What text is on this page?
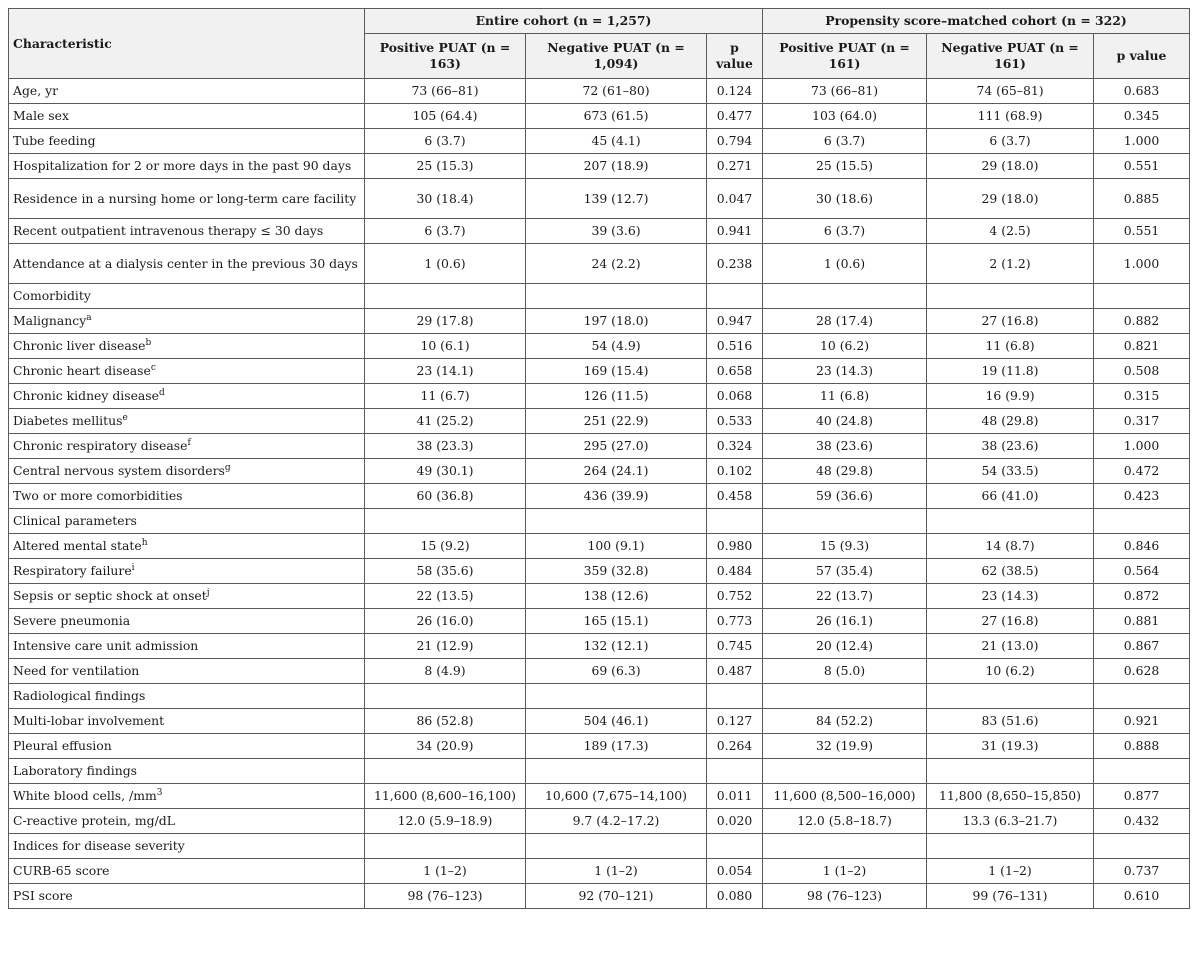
Characteristic	Entire cohort (n = 1,257)			Propensity score–matched cohort (n = 322)		
	Positive PUAT (n = 163)	Negative PUAT (n = 1,094)	p value	Positive PUAT (n = 161)	Negative PUAT (n = 161)	p value
Age, yr	73 (66–81)	72 (61–80)	0.124	73 (66–81)	74 (65–81)	0.683
Male sex	105 (64.4)	673 (61.5)	0.477	103 (64.0)	111 (68.9)	0.345
Tube feeding	6 (3.7)	45 (4.1)	0.794	6 (3.7)	6 (3.7)	1.000
Hospitalization for 2 or more days in the past 90 days	25 (15.3)	207 (18.9)	0.271	25 (15.5)	29 (18.0)	0.551
Residence in a nursing home or long-term care facility	30 (18.4)	139 (12.7)	0.047	30 (18.6)	29 (18.0)	0.885
Recent outpatient intravenous therapy ≤ 30 days	6 (3.7)	39 (3.6)	0.941	6 (3.7)	4 (2.5)	0.551
Attendance at a dialysis center in the previous 30 days	1 (0.6)	24 (2.2)	0.238	1 (0.6)	2 (1.2)	1.000
Comorbidity						
Malignancy$^a$	29 (17.8)	197 (18.0)	0.947	28 (17.4)	27 (16.8)	0.882
Chronic liver disease$^b$	10 (6.1)	54 (4.9)	0.516	10 (6.2)	11 (6.8)	0.821
Chronic heart disease$^c$	23 (14.1)	169 (15.4)	0.658	23 (14.3)	19 (11.8)	0.508
Chronic kidney disease$^d$	11 (6.7)	126 (11.5)	0.068	11 (6.8)	16 (9.9)	0.315
Diabetes mellitus$^e$	41 (25.2)	251 (22.9)	0.533	40 (24.8)	48 (29.8)	0.317
Chronic respiratory disease$^f$	38 (23.3)	295 (27.0)	0.324	38 (23.6)	38 (23.6)	1.000
Central nervous system disorders$^g$	49 (30.1)	264 (24.1)	0.102	48 (29.8)	54 (33.5)	0.472
Two or more comorbidities	60 (36.8)	436 (39.9)	0.458	59 (36.6)	66 (41.0)	0.423
Clinical parameters						
Altered mental state$^h$	15 (9.2)	100 (9.1)	0.980	15 (9.3)	14 (8.7)	0.846
Respiratory failure$^i$	58 (35.6)	359 (32.8)	0.484	57 (35.4)	62 (38.5)	0.564
Sepsis or septic shock at onset$^j$	22 (13.5)	138 (12.6)	0.752	22 (13.7)	23 (14.3)	0.872
Severe pneumonia	26 (16.0)	165 (15.1)	0.773	26 (16.1)	27 (16.8)	0.881
Intensive care unit admission	21 (12.9)	132 (12.1)	0.745	20 (12.4)	21 (13.0)	0.867
Need for ventilation	8 (4.9)	69 (6.3)	0.487	8 (5.0)	10 (6.2)	0.628
Radiological findings						
Multi-lobar involvement	86 (52.8)	504 (46.1)	0.127	84 (52.2)	83 (51.6)	0.921
Pleural effusion	34 (20.9)	189 (17.3)	0.264	32 (19.9)	31 (19.3)	0.888
Laboratory findings						
White blood cells, $/mm^3$	11,600 (8,600–16,100)	10,600 (7,675–14,100)	0.011	11,600 (8,500–16,000)	11,800 (8,650–15,850)	0.877
C-reactive protein, mg/dL	12.0 (5.9–18.9)	9.7 (4.2–17.2)	0.020	12.0 (5.8–18.7)	13.3 (6.3–21.7)	0.432
Indices for disease severity						
CURB-65 score	1 (1–2)	1 (1–2)	0.054	1 (1–2)	1 (1–2)	0.737
PSI score	98 (76–123)	92 (70–121)	0.080	98 (76–123)	99 (76–131)	0.610
